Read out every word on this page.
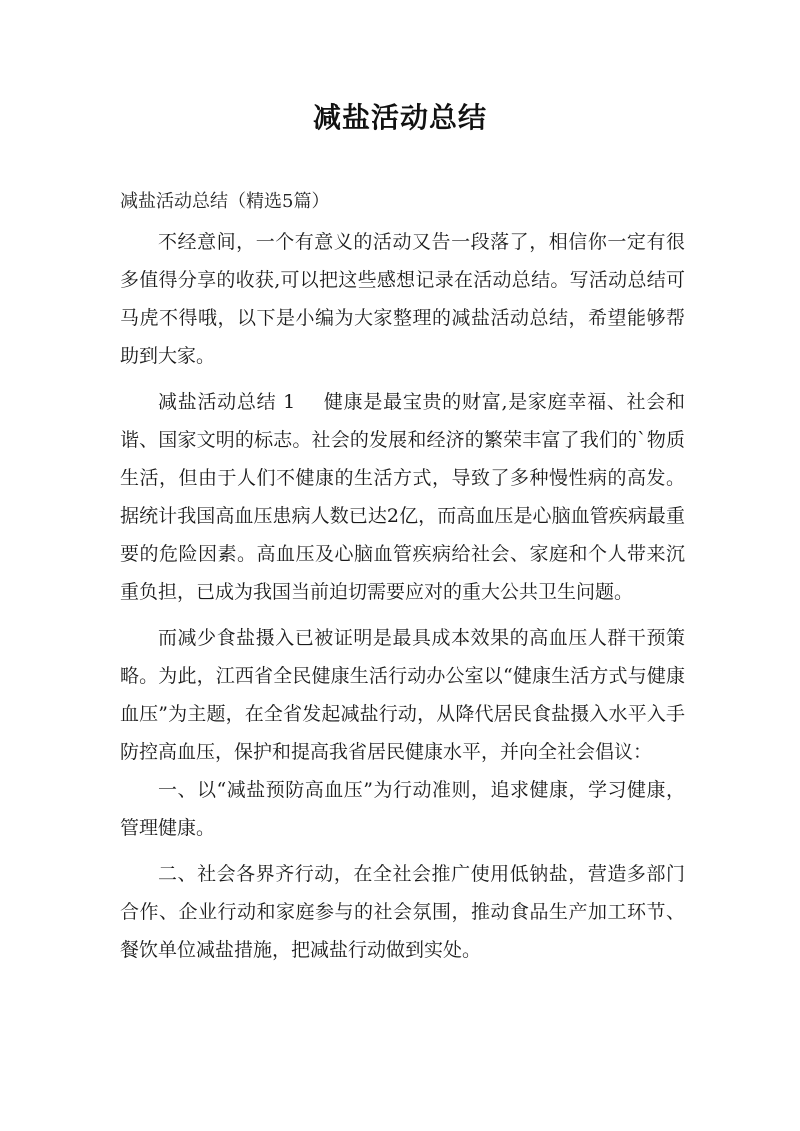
减盐活动总结

减盐活动总结（精选5篇）

不经意间，一个有意义的活动又告一段落了，相信你一定有很多值得分享的收获,可以把这些感想记录在活动总结。写活动总结可马虎不得哦，以下是小编为大家整理的减盐活动总结，希望能够帮助到大家。

减盐活动总结 1 健康是最宝贵的财富,是家庭幸福、社会和谐、国家文明的标志。社会的发展和经济的繁荣丰富了我们的`物质生活，但由于人们不健康的生活方式，导致了多种慢性病的高发。据统计我国高血压患病人数已达2亿，而高血压是心脑血管疾病最重要的危险因素。高血压及心脑血管疾病给社会、家庭和个人带来沉重负担，已成为我国当前迫切需要应对的重大公共卫生问题。

而减少食盐摄入已被证明是最具成本效果的高血压人群干预策略。为此，江西省全民健康生活行动办公室以“健康生活方式与健康血压”为主题，在全省发起减盐行动，从降代居民食盐摄入水平入手防控高血压，保护和提高我省居民健康水平，并向全社会倡议：

一、以“减盐预防高血压”为行动准则，追求健康，学习健康，管理健康。

二、社会各界齐行动，在全社会推广使用低钠盐，营造多部门合作、企业行动和家庭参与的社会氛围，推动食品生产加工环节、餐饮单位减盐措施，把减盐行动做到实处。
